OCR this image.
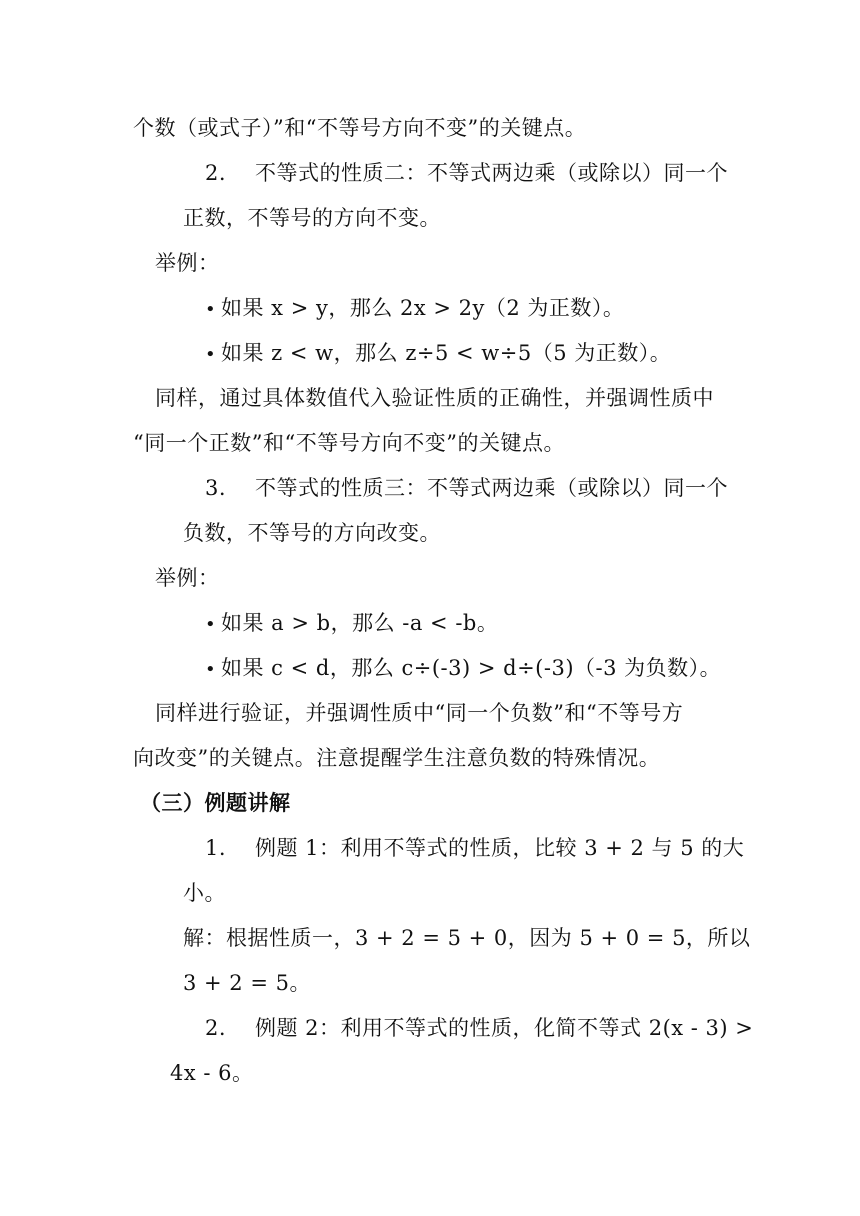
个数（或式子）”和“不等号方向不变”的关键点。
2. 不等式的性质二：不等式两边乘（或除以）同一个
正数，不等号的方向不变。
举例：
• 如果 x > y，那么 2x > 2y（2 为正数）。
• 如果 z < w，那么 z÷5 < w÷5（5 为正数）。
同样，通过具体数值代入验证性质的正确性，并强调性质中
“同一个正数”和“不等号方向不变”的关键点。
3. 不等式的性质三：不等式两边乘（或除以）同一个
负数，不等号的方向改变。
举例：
• 如果 a > b，那么 -a < -b。
• 如果 c < d，那么 c÷(-3) > d÷(-3)（-3 为负数）。
同样进行验证，并强调性质中“同一个负数”和“不等号方
向改变”的关键点。注意提醒学生注意负数的特殊情况。
（三）例题讲解
1. 例题 1：利用不等式的性质，比较 3 + 2 与 5 的大
小。
解：根据性质一，3 + 2 = 5 + 0，因为 5 + 0 = 5，所以
3 + 2 = 5。
2. 例题 2：利用不等式的性质，化简不等式 2(x - 3) >
4x - 6。
